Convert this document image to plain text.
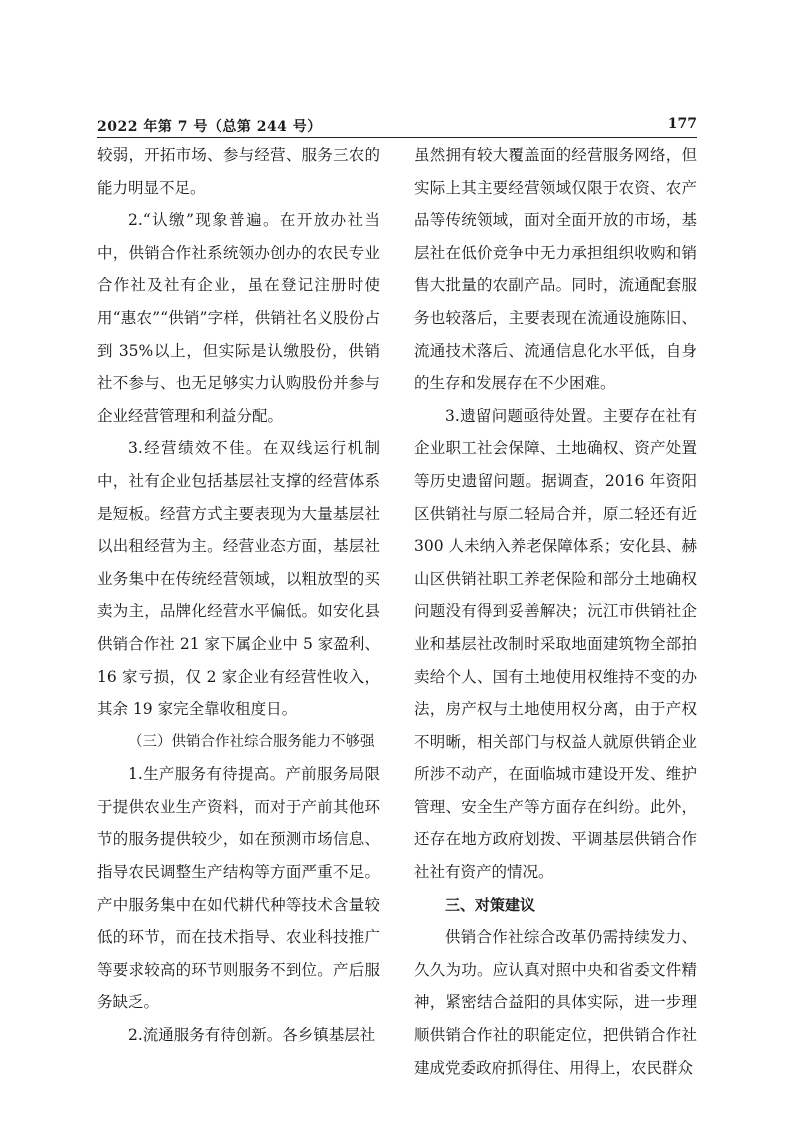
2022 年第 7 号（总第 244 号）	177

较弱，开拓市场、参与经营、服务三农的能力明显不足。

2.“认缴”现象普遍。在开放办社当中，供销合作社系统领办创办的农民专业合作社及社有企业，虽在登记注册时使用“惠农”“供销”字样，供销社名义股份占到 35%以上，但实际是认缴股份，供销社不参与、也无足够实力认购股份并参与企业经营管理和利益分配。

3.经营绩效不佳。在双线运行机制中，社有企业包括基层社支撑的经营体系是短板。经营方式主要表现为大量基层社以出租经营为主。经营业态方面，基层社业务集中在传统经营领域，以粗放型的买卖为主，品牌化经营水平偏低。如安化县供销合作社 21 家下属企业中 5 家盈利、16 家亏损，仅 2 家企业有经营性收入，其余 19 家完全靠收租度日。

（三）供销合作社综合服务能力不够强

1.生产服务有待提高。产前服务局限于提供农业生产资料，而对于产前其他环节的服务提供较少，如在预测市场信息、指导农民调整生产结构等方面严重不足。产中服务集中在如代耕代种等技术含量较低的环节，而在技术指导、农业科技推广等要求较高的环节则服务不到位。产后服务缺乏。

2.流通服务有待创新。各乡镇基层社

虽然拥有较大覆盖面的经营服务网络，但实际上其主要经营领域仅限于农资、农产品等传统领域，面对全面开放的市场，基层社在低价竞争中无力承担组织收购和销售大批量的农副产品。同时，流通配套服务也较落后，主要表现在流通设施陈旧、流通技术落后、流通信息化水平低，自身的生存和发展存在不少困难。

3.遗留问题亟待处置。主要存在社有企业职工社会保障、土地确权、资产处置等历史遗留问题。据调查，2016 年资阳区供销社与原二轻局合并，原二轻还有近 300 人未纳入养老保障体系；安化县、赫山区供销社职工养老保险和部分土地确权问题没有得到妥善解决；沅江市供销社企业和基层社改制时采取地面建筑物全部拍卖给个人、国有土地使用权维持不变的办法，房产权与土地使用权分离，由于产权不明晰，相关部门与权益人就原供销企业所涉不动产，在面临城市建设开发、维护管理、安全生产等方面存在纠纷。此外，还存在地方政府划拨、平调基层供销合作社社有资产的情况。

三、对策建议

供销合作社综合改革仍需持续发力、久久为功。应认真对照中央和省委文件精神，紧密结合益阳的具体实际，进一步理顺供销合作社的职能定位，把供销合作社建成党委政府抓得住、用得上，农民群众
